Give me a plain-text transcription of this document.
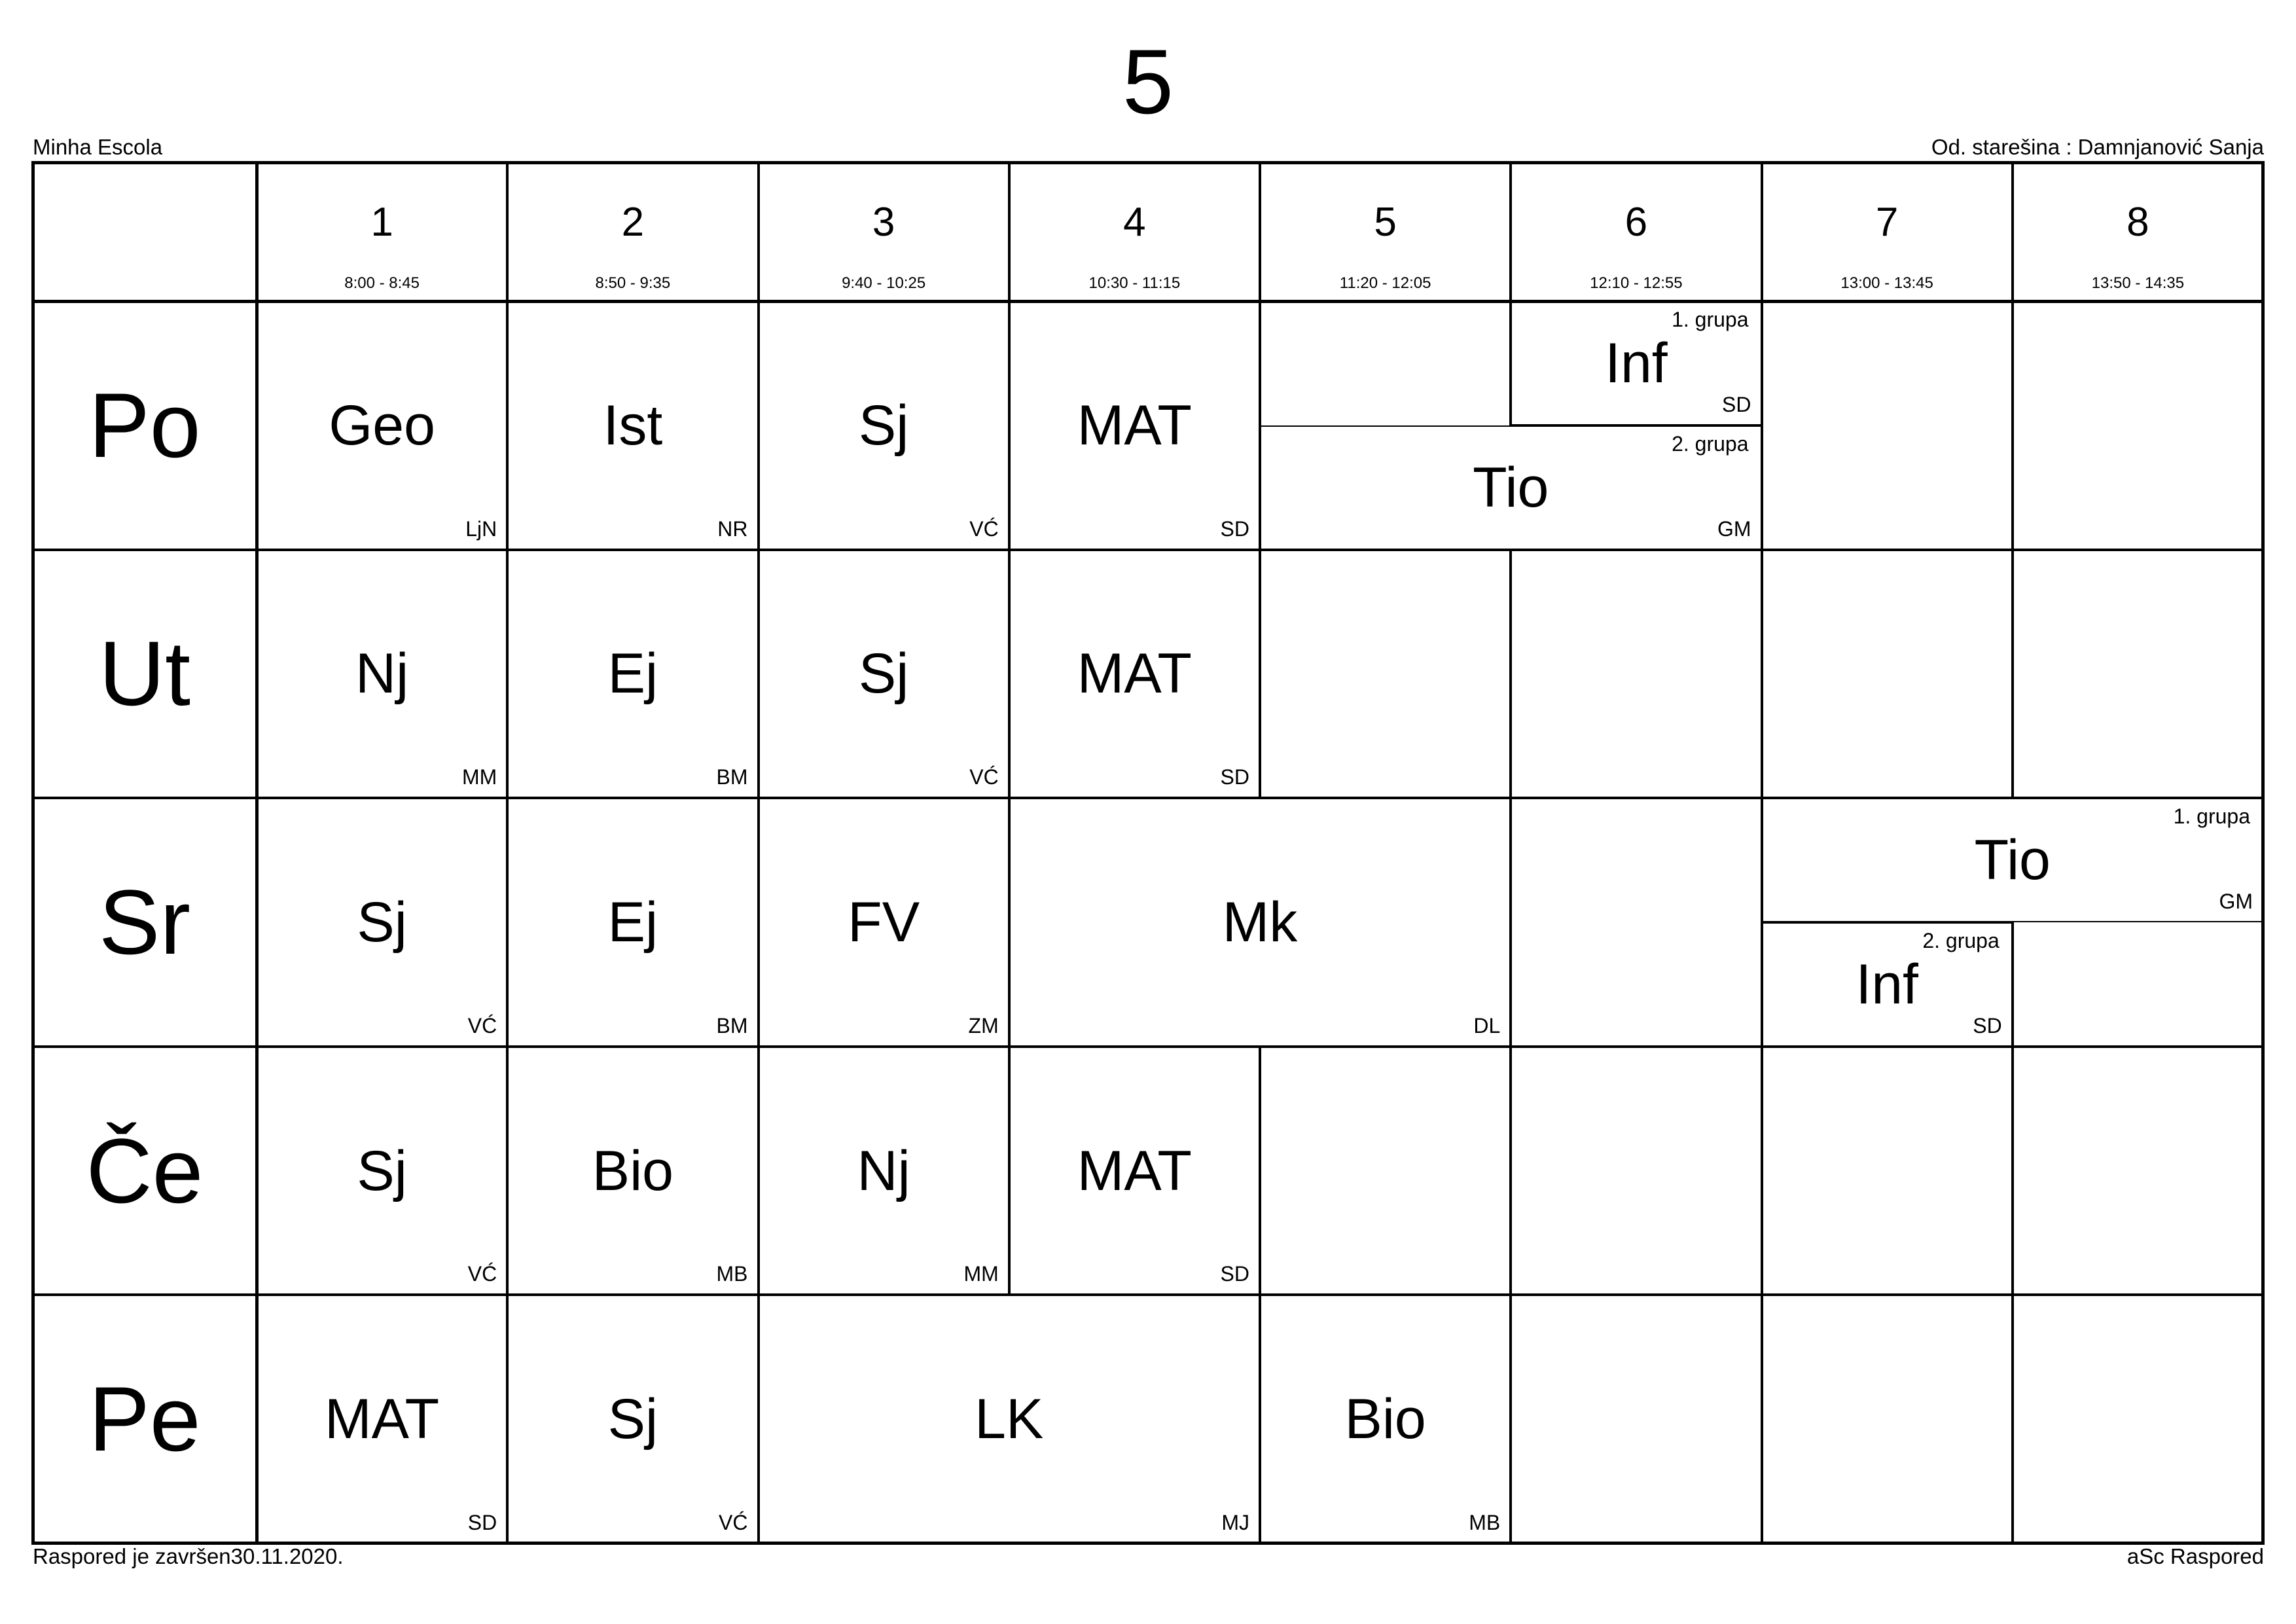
5
Minha Escola	Od. starešina : Damnjanović Sanja
1
8:00 - 8:45
2
8:50 - 9:35
3
9:40 - 10:25
4
10:30 - 11:15
5
11:20 - 12:05
6
12:10 - 12:55
7
13:00 - 13:45
8
13:50 - 14:35
Po
Ut
Sr
Če
Pe
Geo
LjN
Ist
NR
Sj
VĆ
MAT
SD
Inf
SD
1. grupa
Tio
GM
2. grupa
Nj
MM
Ej
BM
Sj
VĆ
MAT
SD
Sj
VĆ
Ej
BM
FV
ZM
Mk
DL
Tio
GM
1. grupa
Inf
SD
2. grupa
Sj
VĆ
Bio
MB
Nj
MM
MAT
SD
MAT
SD
Sj
VĆ
LK
MJ
Bio
MB
Raspored je završen30.11.2020.	aSc Raspored
